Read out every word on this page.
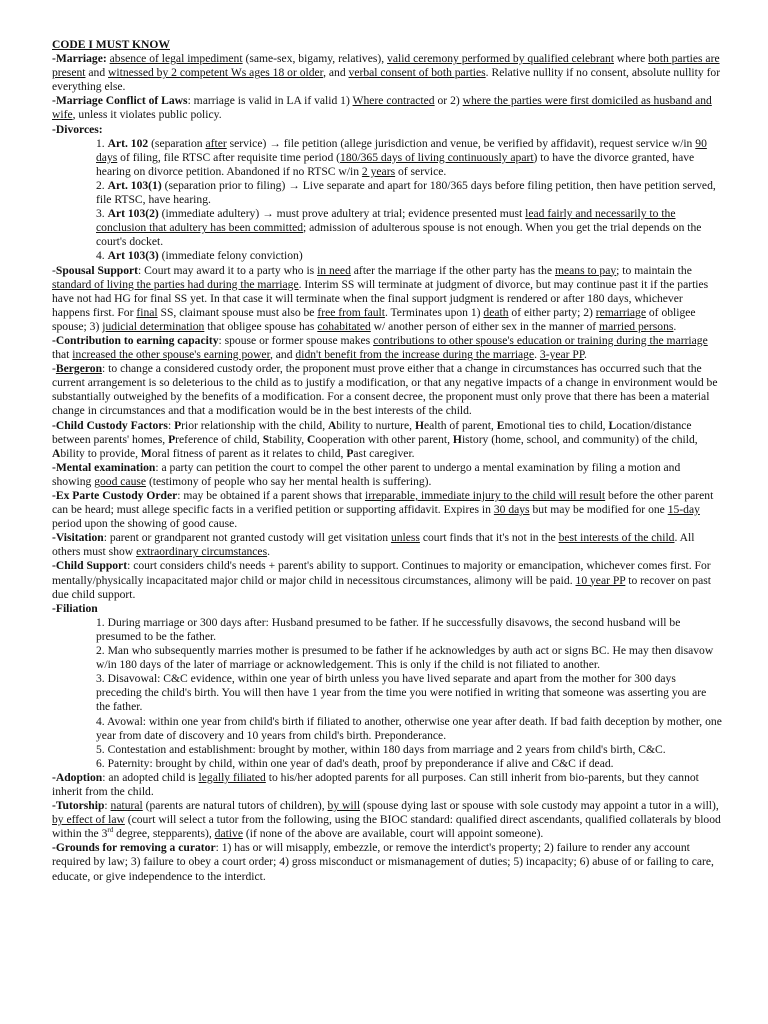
CODE I MUST KNOW
-Marriage: absence of legal impediment (same-sex, bigamy, relatives), valid ceremony performed by qualified celebrant where both parties are present and witnessed by 2 competent Ws ages 18 or older, and verbal consent of both parties. Relative nullity if no consent, absolute nullity for everything else.
-Marriage Conflict of Laws: marriage is valid in LA if valid 1) Where contracted or 2) where the parties were first domiciled as husband and wife, unless it violates public policy.
-Divorces:
1. Art. 102 (separation after service) → file petition (allege jurisdiction and venue, be verified by affidavit), request service w/in 90 days of filing, file RTSC after requisite time period (180/365 days of living continuously apart) to have the divorce granted, have hearing on divorce petition. Abandoned if no RTSC w/in 2 years of service.
2. Art. 103(1) (separation prior to filing) → Live separate and apart for 180/365 days before filing petition, then have petition served, file RTSC, have hearing.
3. Art 103(2) (immediate adultery) → must prove adultery at trial; evidence presented must lead fairly and necessarily to the conclusion that adultery has been committed; admission of adulterous spouse is not enough. When you get the trial depends on the court's docket.
4. Art 103(3) (immediate felony conviction)
-Spousal Support: Court may award it to a party who is in need after the marriage if the other party has the means to pay; to maintain the standard of living the parties had during the marriage. Interim SS will terminate at judgment of divorce, but may continue past it if the parties have not had HG for final SS yet. In that case it will terminate when the final support judgment is rendered or after 180 days, whichever happens first. For final SS, claimant spouse must also be free from fault. Terminates upon 1) death of either party; 2) remarriage of obligee spouse; 3) judicial determination that obligee spouse has cohabitated w/ another person of either sex in the manner of married persons.
-Contribution to earning capacity: spouse or former spouse makes contributions to other spouse's education or training during the marriage that increased the other spouse's earning power, and didn't benefit from the increase during the marriage. 3-year PP.
-Bergeron: to change a considered custody order, the proponent must prove either that a change in circumstances has occurred such that the current arrangement is so deleterious to the child as to justify a modification, or that any negative impacts of a change in environment would be substantially outweighed by the benefits of a modification. For a consent decree, the proponent must only prove that there has been a material change in circumstances and that a modification would be in the best interests of the child.
-Child Custody Factors: Prior relationship with the child, Ability to nurture, Health of parent, Emotional ties to child, Location/distance between parents' homes, Preference of child, Stability, Cooperation with other parent, History (home, school, and community) of the child, Ability to provide, Moral fitness of parent as it relates to child, Past caregiver.
-Mental examination: a party can petition the court to compel the other parent to undergo a mental examination by filing a motion and showing good cause (testimony of people who say her mental health is suffering).
-Ex Parte Custody Order: may be obtained if a parent shows that irreparable, immediate injury to the child will result before the other parent can be heard; must allege specific facts in a verified petition or supporting affidavit. Expires in 30 days but may be modified for one 15-day period upon the showing of good cause.
-Visitation: parent or grandparent not granted custody will get visitation unless court finds that it's not in the best interests of the child. All others must show extraordinary circumstances.
-Child Support: court considers child's needs + parent's ability to support. Continues to majority or emancipation, whichever comes first. For mentally/physically incapacitated major child or major child in necessitous circumstances, alimony will be paid. 10 year PP to recover on past due child support.
-Filiation
1. During marriage or 300 days after: Husband presumed to be father. If he successfully disavows, the second husband will be presumed to be the father.
2. Man who subsequently marries mother is presumed to be father if he acknowledges by auth act or signs BC. He may then disavow w/in 180 days of the later of marriage or acknowledgement. This is only if the child is not filiated to another.
3. Disavowal: C&C evidence, within one year of birth unless you have lived separate and apart from the mother for 300 days preceding the child's birth. You will then have 1 year from the time you were notified in writing that someone was asserting you are the father.
4. Avowal: within one year from child's birth if filiated to another, otherwise one year after death. If bad faith deception by mother, one year from date of discovery and 10 years from child's birth. Preponderance.
5. Contestation and establishment: brought by mother, within 180 days from marriage and 2 years from child's birth, C&C.
6. Paternity: brought by child, within one year of dad's death, proof by preponderance if alive and C&C if dead.
-Adoption: an adopted child is legally filiated to his/her adopted parents for all purposes. Can still inherit from bio-parents, but they cannot inherit from the child.
-Tutorship: natural (parents are natural tutors of children), by will (spouse dying last or spouse with sole custody may appoint a tutor in a will), by effect of law (court will select a tutor from the following, using the BIOC standard: qualified direct ascendants, qualified collaterals by blood within the 3rd degree, stepparents), dative (if none of the above are available, court will appoint someone).
-Grounds for removing a curator: 1) has or will misapply, embezzle, or remove the interdict's property; 2) failure to render any account required by law; 3) failure to obey a court order; 4) gross misconduct or mismanagement of duties; 5) incapacity; 6) abuse of or failing to care, educate, or give independence to the interdict.
